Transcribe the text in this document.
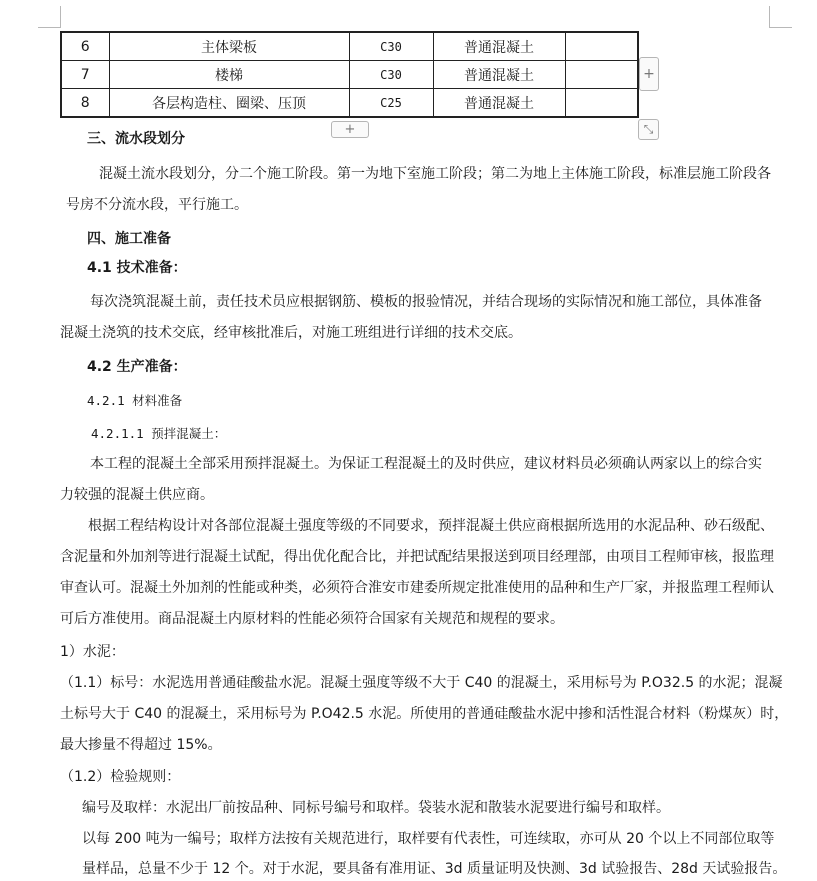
6	主体梁板	C30	普通混凝土	
7	楼梯	C30	普通混凝土	
8	各层构造柱、圈梁、压顶	C25	普通混凝土	
+
+	⤡
三、流水段划分
混凝土流水段划分，分二个施工阶段。第一为地下室施工阶段；第二为地上主体施工阶段，标准层施工阶段各
号房不分流水段，平行施工。
四、施工准备
4.1 技术准备：
每次浇筑混凝土前，责任技术员应根据钢筋、模板的报验情况，并结合现场的实际情况和施工部位，具体准备
混凝土浇筑的技术交底，经审核批准后，对施工班组进行详细的技术交底。
4.2 生产准备：
4.2.1 材料准备
4.2.1.1 预拌混凝土：
本工程的混凝土全部采用预拌混凝土。为保证工程混凝土的及时供应，建议材料员必须确认两家以上的综合实
力较强的混凝土供应商。
根据工程结构设计对各部位混凝土强度等级的不同要求，预拌混凝土供应商根据所选用的水泥品种、砂石级配、
含泥量和外加剂等进行混凝土试配，得出优化配合比，并把试配结果报送到项目经理部，由项目工程师审核，报监理
审查认可。混凝土外加剂的性能或种类，必须符合淮安市建委所规定批准使用的品种和生产厂家，并报监理工程师认
可后方准使用。商品混凝土内原材料的性能必须符合国家有关规范和规程的要求。
1）水泥：
（1.1）标号：水泥选用普通硅酸盐水泥。混凝土强度等级不大于 C40 的混凝土，采用标号为 P.O32.5 的水泥；混凝
土标号大于 C40 的混凝土，采用标号为 P.O42.5 水泥。所使用的普通硅酸盐水泥中掺和活性混合材料（粉煤灰）时，
最大掺量不得超过 15%。
（1.2）检验规则：
编号及取样：水泥出厂前按品种、同标号编号和取样。袋装水泥和散装水泥要进行编号和取样。
以每 200 吨为一编号；取样方法按有关规范进行，取样要有代表性，可连续取，亦可从 20 个以上不同部位取等
量样品，总量不少于 12 个。对于水泥，要具备有准用证、3d 质量证明及快测、3d 试验报告、28d 天试验报告。
